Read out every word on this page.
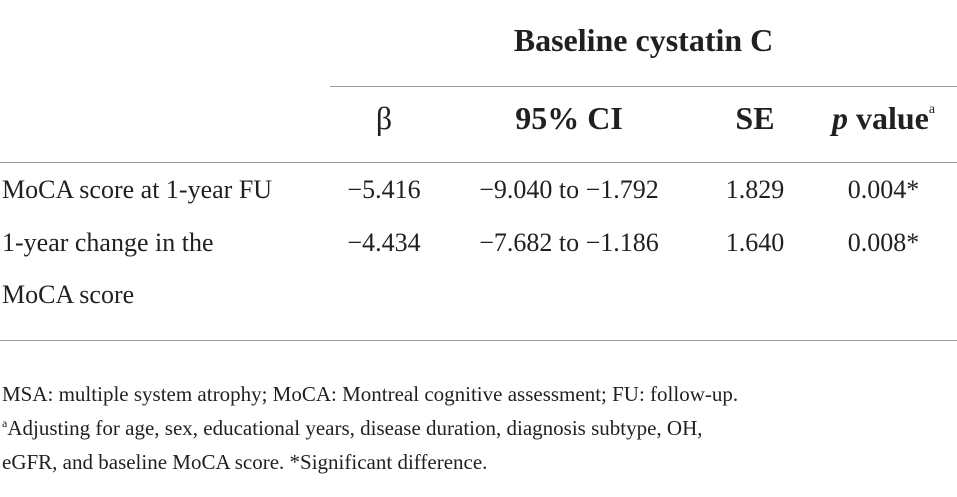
Baseline cystatin C
β	95% CI	SE	p value$^a$
MoCA score at 1-year FU	−5.416	−9.040 to −1.792	1.829	0.004*
1-year change in the
MoCA score
−4.434	−7.682 to −1.186	1.640	0.008*
MSA: multiple system atrophy; MoCA: Montreal cognitive assessment; FU: follow-up.
$^a$Adjusting for age, sex, educational years, disease duration, diagnosis subtype, OH,
eGFR, and baseline MoCA score. *Significant difference.
